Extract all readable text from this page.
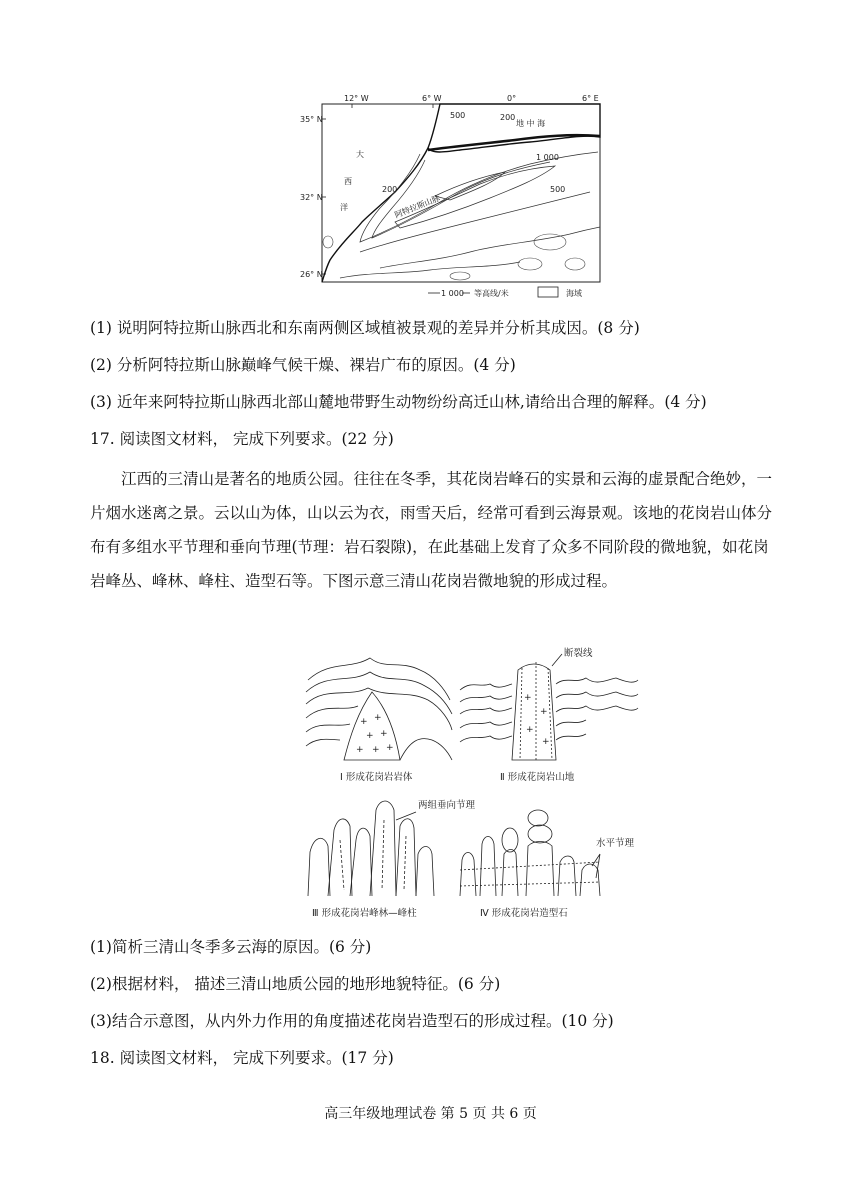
12° W	6° W	0°	6° E
35° N
32° N
26° N
地 中 海
大
西
洋	阿特拉斯山脉
200
500
1 000
500
200
1 000 等高线/米	海域
(1) 说明阿特拉斯山脉西北和东南两侧区域植被景观的差异并分析其成因。(8 分)
(2) 分析阿特拉斯山脉巅峰气候干燥、裸岩广布的原因。(4 分)
(3) 近年来阿特拉斯山脉西北部山麓地带野生动物纷纷高迁山林,请给出合理的解释。(4 分)
17. 阅读图文材料， 完成下列要求。(22 分)
江西的三清山是著名的地质公园。往往在冬季，其花岗岩峰石的实景和云海的虚景配合绝妙，一片烟水迷离之景。云以山为体，山以云为衣，雨雪天后，经常可看到云海景观。该地的花岗岩山体分布有多组水平节理和垂向节理(节理：岩石裂隙)，在此基础上发育了众多不同阶段的微地貌，如花岗岩峰丛、峰林、峰柱、造型石等。下图示意三清山花岗岩微地貌的形成过程。
+ +
+ +
+ + +
Ⅰ 形成花岗岩岩体
+
+
+
+
断裂线
Ⅱ 形成花岗岩山地
两组垂向节理
Ⅲ 形成花岗岩峰林—峰柱
水平节理
Ⅳ 形成花岗岩造型石
(1)简析三清山冬季多云海的原因。(6 分)
(2)根据材料， 描述三清山地质公园的地形地貌特征。(6 分)
(3)结合示意图，从内外力作用的角度描述花岗岩造型石的形成过程。(10 分)
18. 阅读图文材料， 完成下列要求。(17 分)
高三年级地理试卷 第 5 页 共 6 页
